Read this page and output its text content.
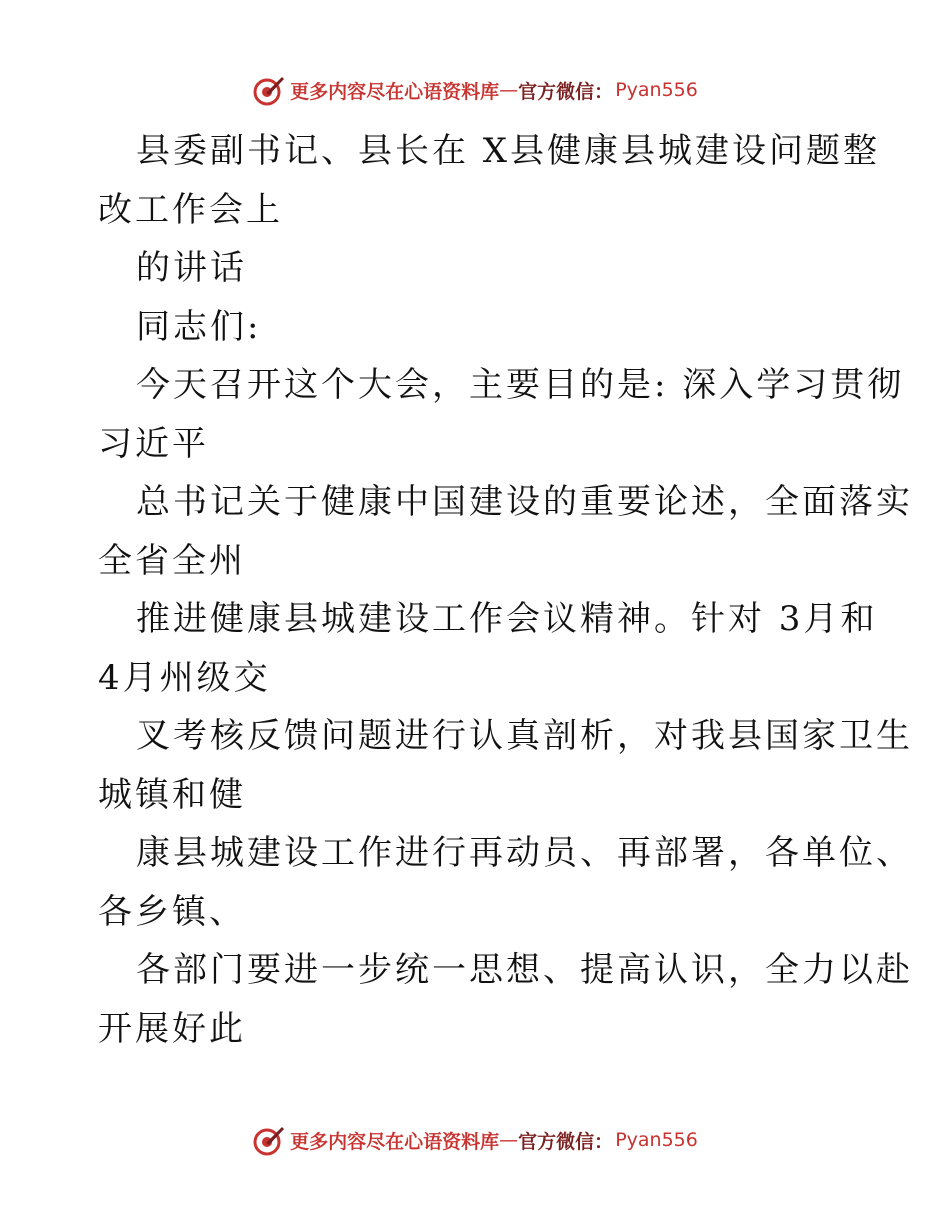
更多内容尽在心语资料库 — 官方微信： Pyan556
县委副书记、县长在 X县健康县城建设问题整
改工作会上
的讲话
同志们:
今天召开这个大会，主要目的是: 深入学习贯彻
习近平
总书记关于健康中国建设的重要论述，全面落实
全省全州
推进健康县城建设工作会议精神。针对 3月和
4月州级交
叉考核反馈问题进行认真剖析，对我县国家卫生
城镇和健
康县城建设工作进行再动员、再部署，各单位、
各乡镇、
各部门要进一步统一思想、提高认识，全力以赴
开展好此
更多内容尽在心语资料库 — 官方微信： Pyan556
